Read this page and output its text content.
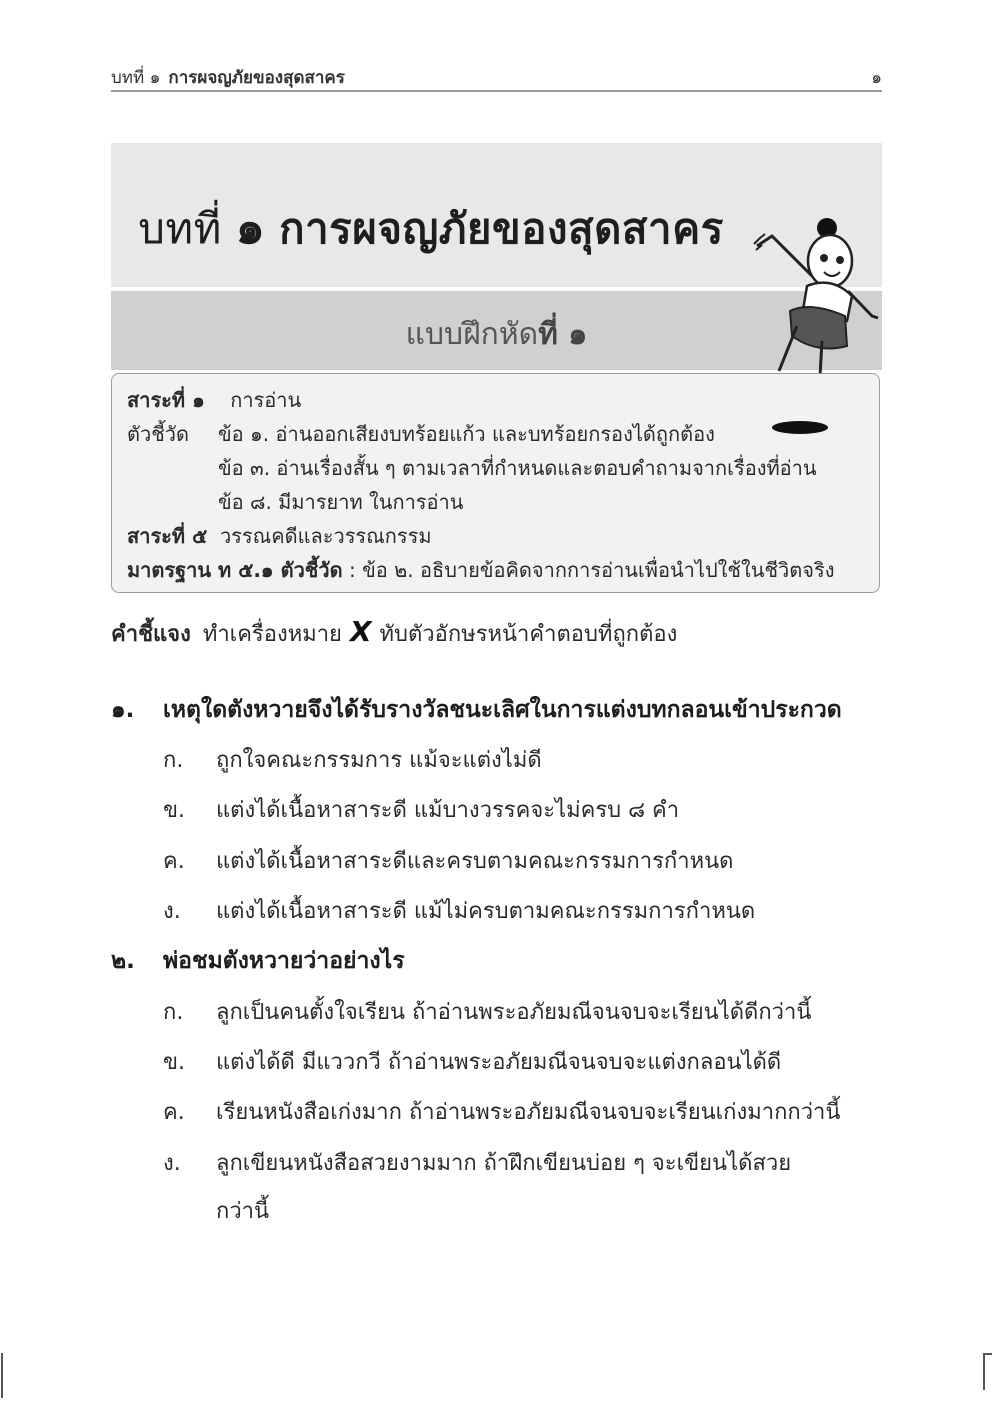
บทที่ ๑ การผจญภัยของสุดสาคร	๑
บทที่ ๑ การผจญภัยของสุดสาคร
แบบฝึกหัดที่ ๑
สาระที่ ๑ การอ่าน
ตัวชี้วัด ข้อ ๑. อ่านออกเสียงบทร้อยแก้ว และบทร้อยกรองได้ถูกต้อง
ข้อ ๓. อ่านเรื่องสั้น ๆ ตามเวลาที่กำหนดและตอบคำถามจากเรื่องที่อ่าน
ข้อ ๘. มีมารยาท ในการอ่าน
สาระที่ ๕ วรรณคดีและวรรณกรรม
มาตรฐาน ท ๕.๑ ตัวชี้วัด : ข้อ ๒. อธิบายข้อคิดจากการอ่านเพื่อนำไปใช้ในชีวิตจริง
คำชี้แจง ทำเครื่องหมาย X ทับตัวอักษรหน้าคำตอบที่ถูกต้อง
๑. เหตุใดตังหวายจึงได้รับรางวัลชนะเลิศในการแต่งบทกลอนเข้าประกวด
ก. ถูกใจคณะกรรมการ แม้จะแต่งไม่ดี
ข. แต่งได้เนื้อหาสาระดี แม้บางวรรคจะไม่ครบ ๘ คำ
ค. แต่งได้เนื้อหาสาระดีและครบตามคณะกรรมการกำหนด
ง. แต่งได้เนื้อหาสาระดี แม้ไม่ครบตามคณะกรรมการกำหนด
๒. พ่อชมตังหวายว่าอย่างไร
ก. ลูกเป็นคนตั้งใจเรียน ถ้าอ่านพระอภัยมณีจนจบจะเรียนได้ดีกว่านี้
ข. แต่งได้ดี มีแววกวี ถ้าอ่านพระอภัยมณีจนจบจะแต่งกลอนได้ดี
ค. เรียนหนังสือเก่งมาก ถ้าอ่านพระอภัยมณีจนจบจะเรียนเก่งมากกว่านี้
ง. ลูกเขียนหนังสือสวยงามมาก ถ้าฝึกเขียนบ่อย ๆ จะเขียนได้สวย
กว่านี้
